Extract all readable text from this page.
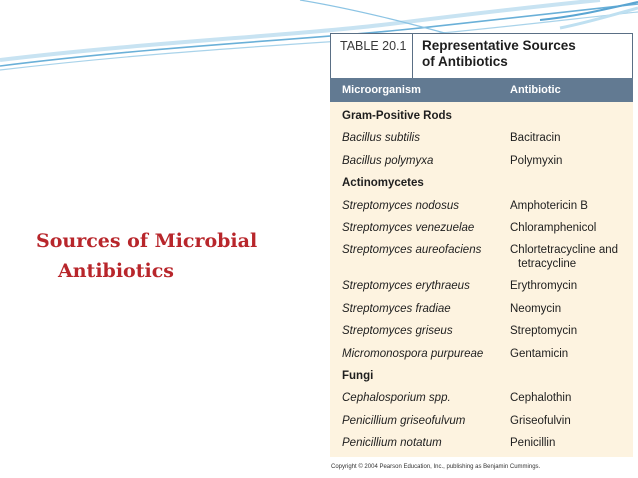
Sources of Microbial
Antibiotics
TABLE 20.1	Representative Sources
of Antibiotics
Microorganism	Antibiotic
Gram-Positive Rods
Bacillus subtilis	Bacitracin
Bacillus polymyxa	Polymyxin
Actinomycetes
Streptomyces nodosus	Amphotericin B
Streptomyces venezuelae	Chloramphenicol
Streptomyces aureofaciens	Chlortetracycline and
tetracycline
Streptomyces erythraeus	Erythromycin
Streptomyces fradiae	Neomycin
Streptomyces griseus	Streptomycin
Micromonospora purpureae	Gentamicin
Fungi
Cephalosporium spp.	Cephalothin
Penicillium griseofulvum	Griseofulvin
Penicillium notatum	Penicillin
Copyright © 2004 Pearson Education, Inc., publishing as Benjamin Cummings.
